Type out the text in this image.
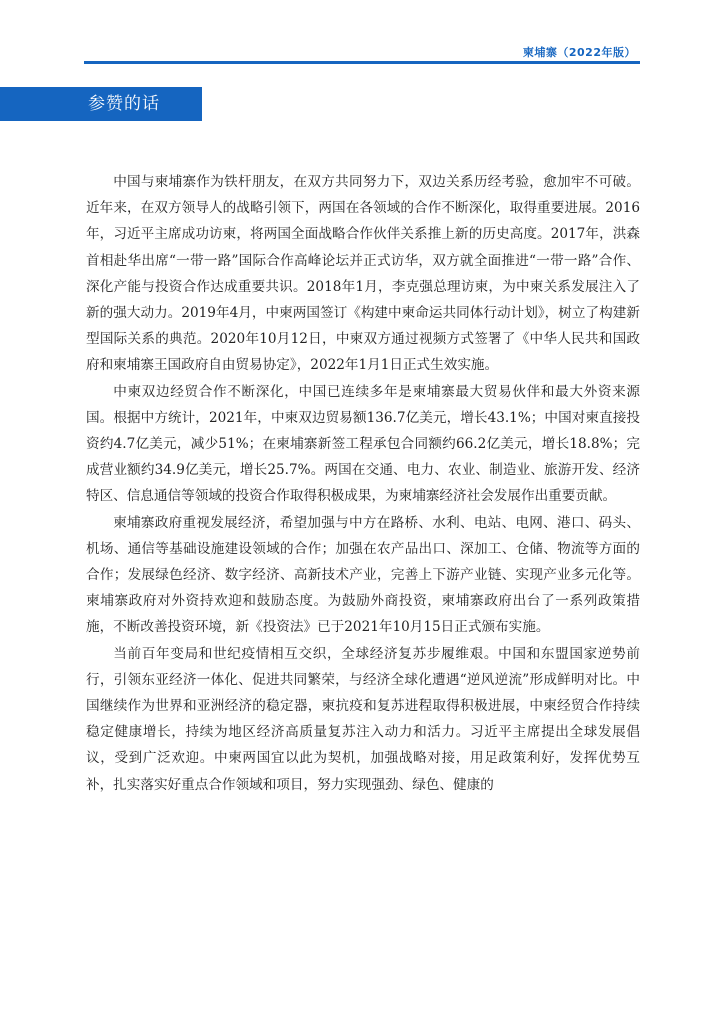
柬埔寨（2022年版）
参赞的话

中国与柬埔寨作为铁杆朋友，在双方共同努力下，双边关系历经考验，愈加牢不可破。近年来，在双方领导人的战略引领下，两国在各领域的合作不断深化，取得重要进展。2016年，习近平主席成功访柬，将两国全面战略合作伙伴关系推上新的历史高度。2017年，洪森首相赴华出席“一带一路”国际合作高峰论坛并正式访华，双方就全面推进“一带一路”合作、深化产能与投资合作达成重要共识。2018年1月，李克强总理访柬，为中柬关系发展注入了新的强大动力。2019年4月，中柬两国签订《构建中柬命运共同体行动计划》，树立了构建新型国际关系的典范。2020年10月12日，中柬双方通过视频方式签署了《中华人民共和国政府和柬埔寨王国政府自由贸易协定》，2022年1月1日正式生效实施。

中柬双边经贸合作不断深化，中国已连续多年是柬埔寨最大贸易伙伴和最大外资来源国。根据中方统计，2021年，中柬双边贸易额136.7亿美元，增长43.1%；中国对柬直接投资约4.7亿美元，减少51%；在柬埔寨新签工程承包合同额约66.2亿美元，增长18.8%；完成营业额约34.9亿美元，增长25.7%。两国在交通、电力、农业、制造业、旅游开发、经济特区、信息通信等领域的投资合作取得积极成果，为柬埔寨经济社会发展作出重要贡献。

柬埔寨政府重视发展经济，希望加强与中方在路桥、水利、电站、电网、港口、码头、机场、通信等基础设施建设领域的合作；加强在农产品出口、深加工、仓储、物流等方面的合作；发展绿色经济、数字经济、高新技术产业，完善上下游产业链、实现产业多元化等。柬埔寨政府对外资持欢迎和鼓励态度。为鼓励外商投资，柬埔寨政府出台了一系列政策措施，不断改善投资环境，新《投资法》已于2021年10月15日正式颁布实施。

当前百年变局和世纪疫情相互交织，全球经济复苏步履维艰。中国和东盟国家逆势前行，引领东亚经济一体化、促进共同繁荣，与经济全球化遭遇“逆风逆流”形成鲜明对比。中国继续作为世界和亚洲经济的稳定器，柬抗疫和复苏进程取得积极进展，中柬经贸合作持续稳定健康增长，持续为地区经济高质量复苏注入动力和活力。习近平主席提出全球发展倡议，受到广泛欢迎。中柬两国宜以此为契机，加强战略对接，用足政策利好，发挥优势互补，扎实落实好重点合作领域和项目，努力实现强劲、绿色、健康的
